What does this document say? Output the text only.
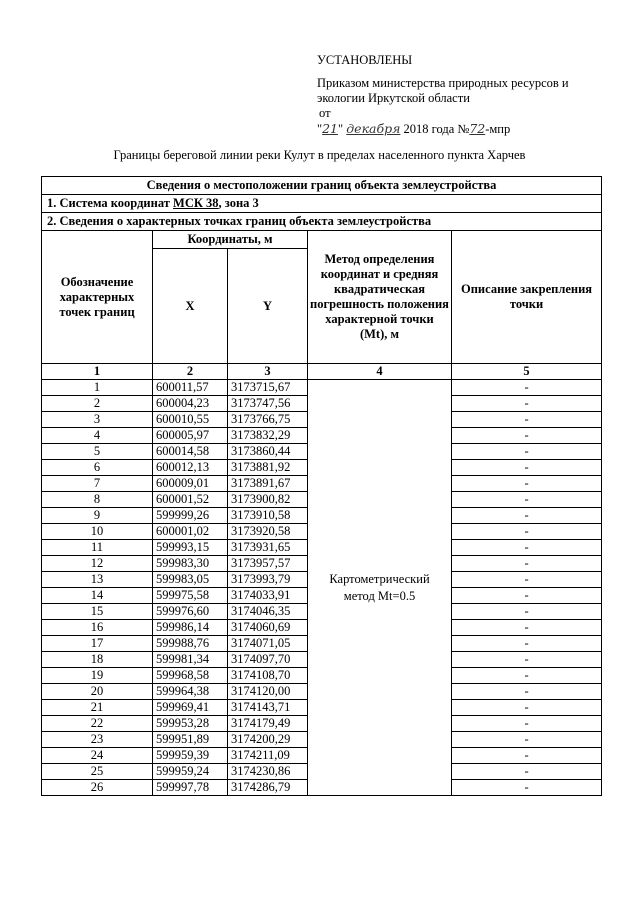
УСТАНОВЛЕНЫ
Приказом министерства природных ресурсов и
экологии Иркутской области
от
"21" декабря 2018 года №72-мпр
Границы береговой линии реки Кулут в пределах населенного пункта Харчев
Сведения о местоположении границ объекта землеустройства				
1. Система координат МСК 38, зона 3				
2. Сведения о характерных точках границ объекта землеустройства				
Обозначение характерных точек границ	Координаты, м		Метод определения координат и средняя квадратическая погрешность положения характерной точки (Mt), м	Описание закрепления точки
	X	Y		
1	2	3	4	5
1	600011,57	3173715,67	Картометрический метод Mt=0.5	-
2	600004,23	3173747,56		-
3	600010,55	3173766,75		-
4	600005,97	3173832,29		-
5	600014,58	3173860,44		-
6	600012,13	3173881,92		-
7	600009,01	3173891,67		-
8	600001,52	3173900,82		-
9	599999,26	3173910,58		-
10	600001,02	3173920,58		-
11	599993,15	3173931,65		-
12	599983,30	3173957,57		-
13	599983,05	3173993,79		-
14	599975,58	3174033,91		-
15	599976,60	3174046,35		-
16	599986,14	3174060,69		-
17	599988,76	3174071,05		-
18	599981,34	3174097,70		-
19	599968,58	3174108,70		-
20	599964,38	3174120,00		-
21	599969,41	3174143,71		-
22	599953,28	3174179,49		-
23	599951,89	3174200,29		-
24	599959,39	3174211,09		-
25	599959,24	3174230,86		-
26	599997,78	3174286,79		-
